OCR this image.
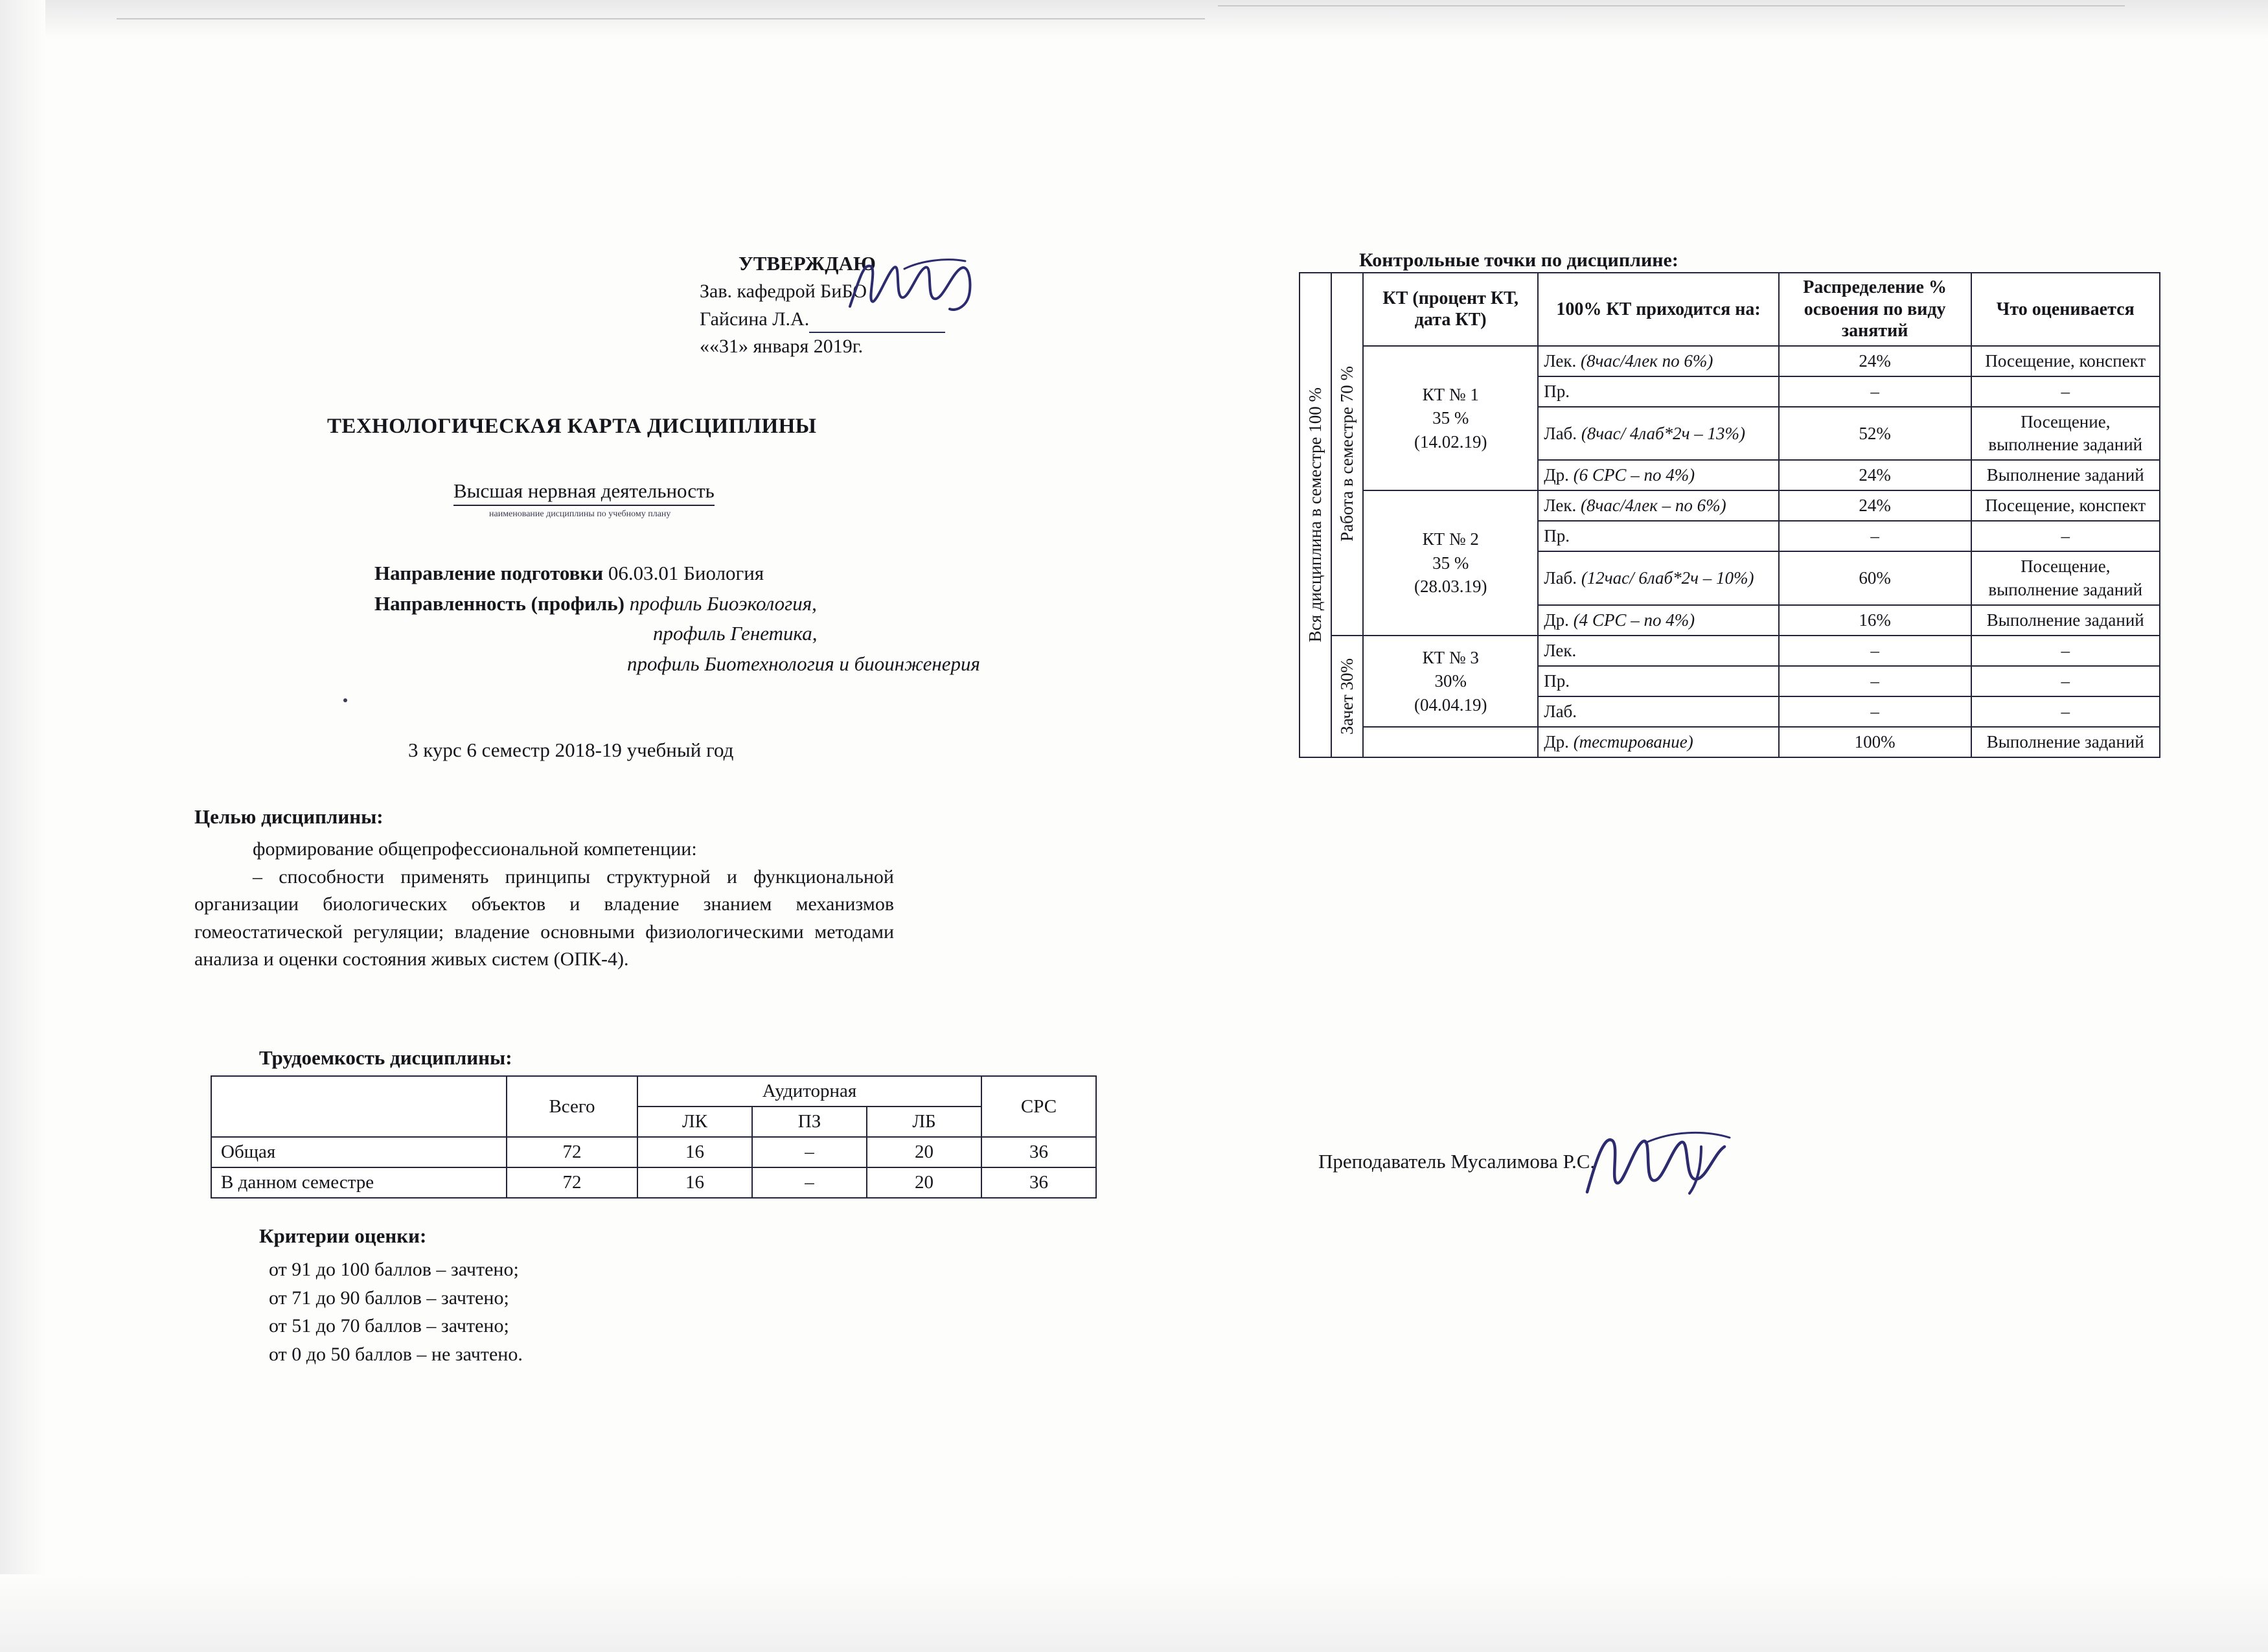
УТВЕРЖДАЮ
Зав. кафедрой БиБО
Гайсина Л.А.
««31» января 2019г.
ТЕХНОЛОГИЧЕСКАЯ КАРТА ДИСЦИПЛИНЫ
Высшая нервная деятельность
наименование дисциплины по учебному плану
Направление подготовки 06.03.01 Биология
Направленность (профиль) профиль Биоэкология,
профиль Генетика,
профиль Биотехнология и биоинженерия
3 курс 6 семестр 2018-19 учебный год
Целью дисциплины:
формирование общепрофессиональной компетенции:
– способности применять принципы структурной и функциональной организации биологических объектов и владение знанием механизмов гомеостатической регуляции; владение основными физиологическими методами анализа и оценки состояния живых систем (ОПК-4).
Трудоемкость дисциплины:
	Всего	Аудиторная			СРС
		ЛК	ПЗ	ЛБ	
Общая	72	16	–	20	36
В данном семестре	72	16	–	20	36
Критерии оценки:
от 91 до 100 баллов – зачтено;
от 71 до 90 баллов – зачтено;
от 51 до 70 баллов – зачтено;
от 0 до 50 баллов – не зачтено.
Контрольные точки по дисциплине:
Вся дисциплина в семестре 100 %	Работа в семестре 70 %	КТ (процент КТ, дата КТ)	100% КТ приходится на:	Распределение % освоения по виду занятий	Что оценивается
		КТ № 1
35 %
(14.02.19)	Лек. (8час/4лек по 6%)	24%	Посещение, конспект
			Пр.	–	–
			Лаб. (8час/ 4лаб*2ч – 13%)	52%	Посещение, выполнение заданий
			Др. (6 СРС – по 4%)	24%	Выполнение заданий
		КТ № 2
35 %
(28.03.19)	Лек. (8час/4лек – по 6%)	24%	Посещение, конспект
			Пр.	–	–
			Лаб. (12час/ 6лаб*2ч – 10%)	60%	Посещение, выполнение заданий
			Др. (4 СРС – по 4%)	16%	Выполнение заданий

	Зачет 30%	КТ № 3
30%
(04.04.19)	Лек.	–	–
			Пр.	–	–
			Лаб.	–	–
			Др. (тестирование)	100%	Выполнение заданий
Преподаватель Мусалимова Р.С.
